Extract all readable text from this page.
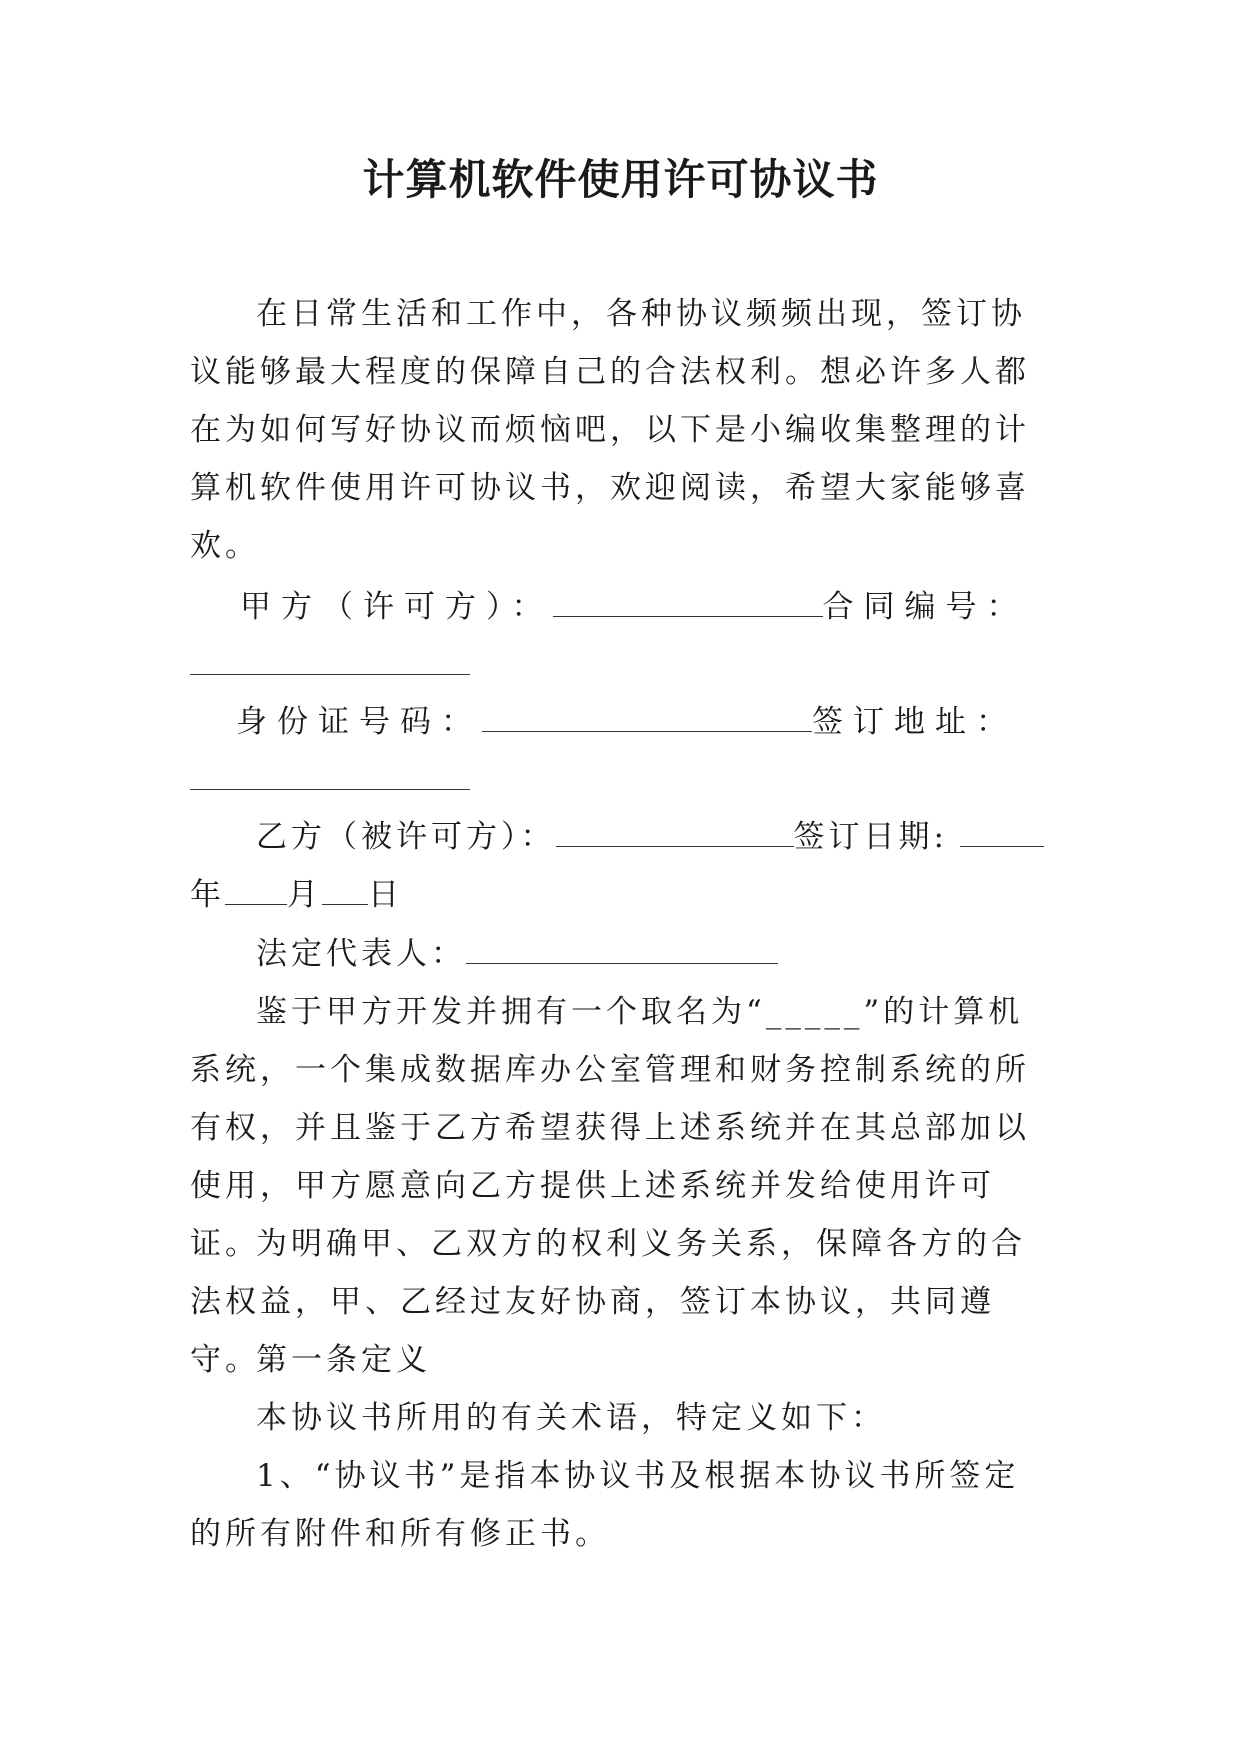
计算机软件使用许可协议书

在日常生活和工作中，各种协议频频出现，签订协议能够最大程度的保障自己的合法权利。想必许多人都在为如何写好协议而烦恼吧，以下是小编收集整理的计算机软件使用许可协议书，欢迎阅读，希望大家能够喜欢。

甲方（许可方）：	合同编号：

身份证号码：	签订地址：

乙方（被许可方）：	签订日期:
年 月 日
法定代表人：

鉴于甲方开发并拥有一个取名为“_____”的计算机系统，一个集成数据库办公室管理和财务控制系统的所有权，并且鉴于乙方希望获得上述系统并在其总部加以使用，甲方愿意向乙方提供上述系统并发给使用许可证。

为明确甲、乙双方的权利义务关系，保障各方的合法权益，甲、乙经过友好协商，签订本协议，共同遵守。

第一条定义

本协议书所用的有关术语，特定义如下：

1、“协议书”是指本协议书及根据本协议书所签定的所有附件和所有修正书。
